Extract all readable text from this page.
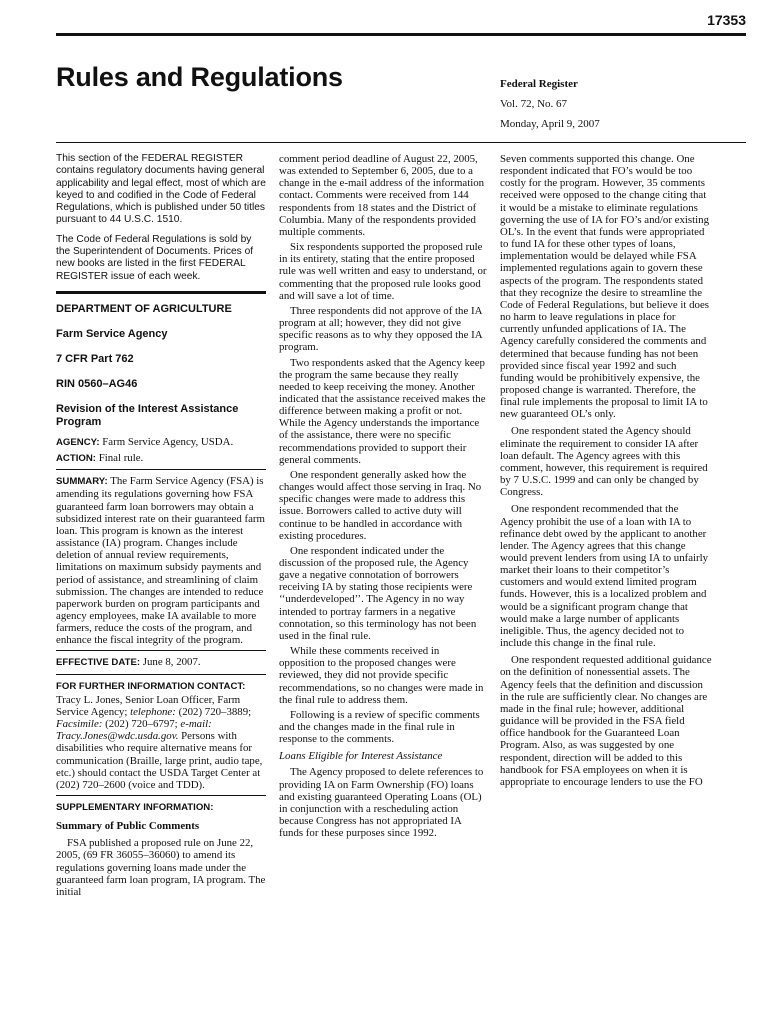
17353
Rules and Regulations	Federal Register
Vol. 72, No. 67
Monday, April 9, 2007

This section of the FEDERAL REGISTER contains regulatory documents having general applicability and legal effect, most of which are keyed to and codified in the Code of Federal Regulations, which is published under 50 titles pursuant to 44 U.S.C. 1510.

The Code of Federal Regulations is sold by the Superintendent of Documents. Prices of new books are listed in the first FEDERAL REGISTER issue of each week.

DEPARTMENT OF AGRICULTURE
Farm Service Agency
7 CFR Part 762
RIN 0560–AG46
Revision of the Interest Assistance Program

AGENCY: Farm Service Agency, USDA.

ACTION: Final rule.

SUMMARY: The Farm Service Agency (FSA) is amending its regulations governing how FSA guaranteed farm loan borrowers may obtain a subsidized interest rate on their guaranteed farm loan. This program is known as the interest assistance (IA) program. Changes include deletion of annual review requirements, limitations on maximum subsidy payments and period of assistance, and streamlining of claim submission. The changes are intended to reduce paperwork burden on program participants and agency employees, make IA available to more farmers, reduce the costs of the program, and enhance the fiscal integrity of the program.

EFFECTIVE DATE: June 8, 2007.

FOR FURTHER INFORMATION CONTACT:

Tracy L. Jones, Senior Loan Officer, Farm Service Agency; telephone: (202) 720–3889; Facsimile: (202) 720–6797; e-mail: Tracy.Jones@wdc.usda.gov. Persons with disabilities who require alternative means for communication (Braille, large print, audio tape, etc.) should contact the USDA Target Center at (202) 720–2600 (voice and TDD).

SUPPLEMENTARY INFORMATION:

Summary of Public Comments

FSA published a proposed rule on June 22, 2005, (69 FR 36055–36060) to amend its regulations governing loans made under the guaranteed farm loan program, IA program. The initial

comment period deadline of August 22, 2005, was extended to September 6, 2005, due to a change in the e-mail address of the information contact. Comments were received from 144 respondents from 18 states and the District of Columbia. Many of the respondents provided multiple comments.

Six respondents supported the proposed rule in its entirety, stating that the entire proposed rule was well written and easy to understand, or commenting that the proposed rule looks good and will save a lot of time.

Three respondents did not approve of the IA program at all; however, they did not give specific reasons as to why they opposed the IA program.

Two respondents asked that the Agency keep the program the same because they really needed to keep receiving the money. Another indicated that the assistance received makes the difference between making a profit or not. While the Agency understands the importance of the assistance, there were no specific recommendations provided to support their general comments.

One respondent generally asked how the changes would affect those serving in Iraq. No specific changes were made to address this issue. Borrowers called to active duty will continue to be handled in accordance with existing procedures.

One respondent indicated under the discussion of the proposed rule, the Agency gave a negative connotation of borrowers receiving IA by stating those recipients were ‘‘underdeveloped’’. The Agency in no way intended to portray farmers in a negative connotation, so this terminology has not been used in the final rule.

While these comments received in opposition to the proposed changes were reviewed, they did not provide specific recommendations, so no changes were made in the final rule to address them.

Following is a review of specific comments and the changes made in the final rule in response to the comments.

Loans Eligible for Interest Assistance

The Agency proposed to delete references to providing IA on Farm Ownership (FO) loans and existing guaranteed Operating Loans (OL) in conjunction with a rescheduling action because Congress has not appropriated IA funds for these purposes since 1992.

Seven comments supported this change. One respondent indicated that FO’s would be too costly for the program. However, 35 comments received were opposed to the change citing that it would be a mistake to eliminate regulations governing the use of IA for FO’s and/or existing OL’s. In the event that funds were appropriated to fund IA for these other types of loans, implementation would be delayed while FSA implemented regulations again to govern these aspects of the program. The respondents stated that they recognize the desire to streamline the Code of Federal Regulations, but believe it does no harm to leave regulations in place for currently unfunded applications of IA. The Agency carefully considered the comments and determined that because funding has not been provided since fiscal year 1992 and such funding would be prohibitively expensive, the proposed change is warranted. Therefore, the final rule implements the proposal to limit IA to new guaranteed OL’s only.

One respondent stated the Agency should eliminate the requirement to consider IA after loan default. The Agency agrees with this comment, however, this requirement is required by 7 U.S.C. 1999 and can only be changed by Congress.

One respondent recommended that the Agency prohibit the use of a loan with IA to refinance debt owed by the applicant to another lender. The Agency agrees that this change would prevent lenders from using IA to unfairly market their loans to their competitor’s customers and would extend limited program funds. However, this is a localized problem and would be a significant program change that would make a large number of applicants ineligible. Thus, the agency decided not to include this change in the final rule.

One respondent requested additional guidance on the definition of nonessential assets. The Agency feels that the definition and discussion in the rule are sufficiently clear. No changes are made in the final rule; however, additional guidance will be provided in the FSA field office handbook for the Guaranteed Loan Program. Also, as was suggested by one respondent, direction will be added to this handbook for FSA employees on when it is appropriate to encourage lenders to use the FO
